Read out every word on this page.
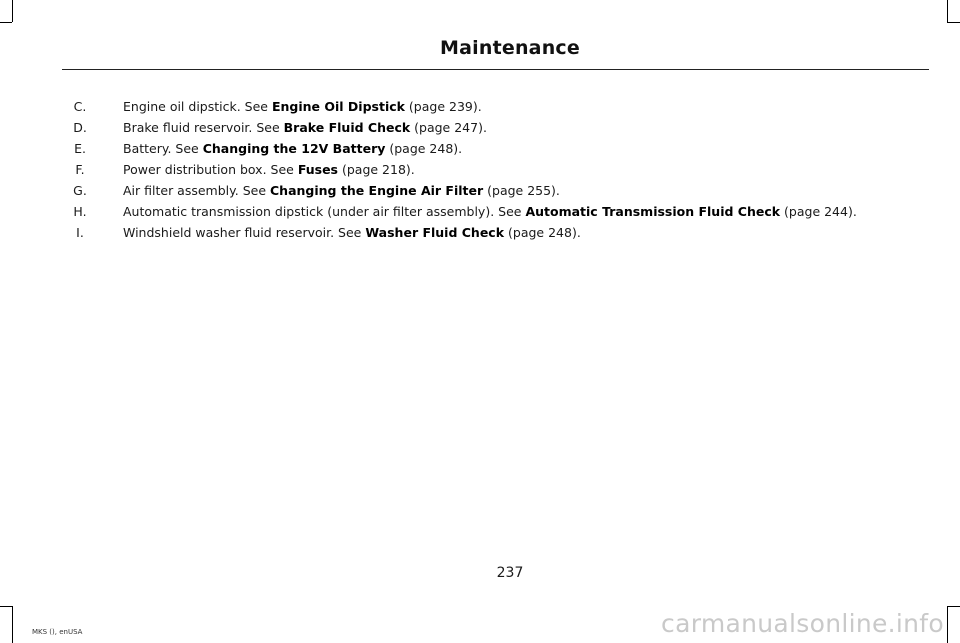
Maintenance
C.	Engine oil dipstick. See Engine Oil Dipstick (page 239).
D.	Brake fluid reservoir. See Brake Fluid Check (page 247).
E.	Battery. See Changing the 12V Battery (page 248).
F.	Power distribution box. See Fuses (page 218).
G.	Air filter assembly. See Changing the Engine Air Filter (page 255).
H.	Automatic transmission dipstick (under air filter assembly). See Automatic Transmission Fluid Check (page 244).
I.	Windshield washer fluid reservoir. See Washer Fluid Check (page 248).
237
MKS (), enUSA	carmanualsonline.info
